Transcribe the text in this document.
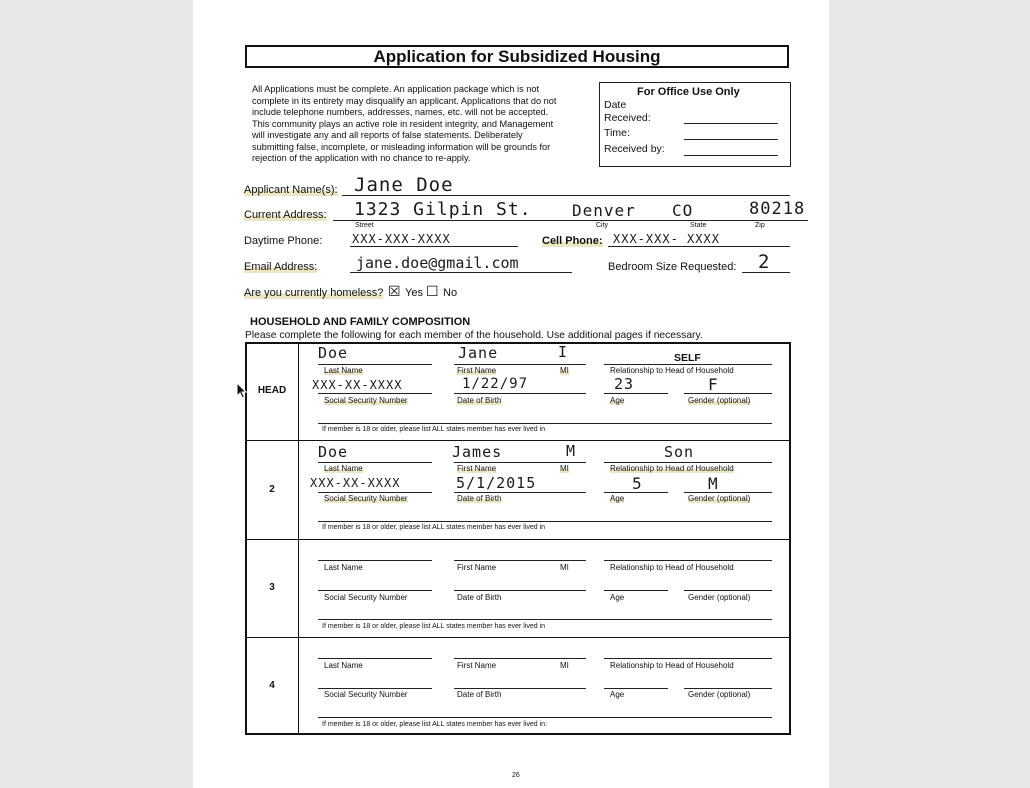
Application for Subsidized Housing
All Applications must be complete. An application package which is not complete in its entirety may disqualify an applicant. Applications that do not include telephone numbers, addresses, names, etc. will not be accepted. This community plays an active role in resident integrity, and Management will investigate any and all reports of false statements. Deliberately submitting false, incomplete, or misleading information will be grounds for rejection of the application with no chance to re-apply.
For Office Use Only
Date
Received:
Time:
Received by:
Applicant Name(s): Jane Doe
Current Address: 1323 Gilpin St.	Denver CO	80218
Street	City	State	Zip
Daytime Phone: XXX-XXX-XXXX	Cell Phone: XXX-XXX- XXXX
Email Address:	jane.doe@gmail.com	Bedroom Size Requested: 2
Are you currently homeless? ☒ Yes ☐ No
HOUSEHOLD AND FAMILY COMPOSITION
Please complete the following for each member of the household. Use additional pages if necessary.
HEAD
Doe	Jane	I	SELF
Last Name	First Name	MI	Relationship to Head of Household
XXX-XX-XXXX	1/22/97	23	F
Social Security Number	Date of Birth	Age	Gender (optional)
If member is 18 or older, please list ALL states member has ever lived in
2
Doe	James	M	Son
Last Name	First Name	MI	Relationship to Head of Household
XXX-XX-XXXX	5/1/2015	5	M
Social Security Number	Date of Birth	Age	Gender (optional)
If member is 18 or older, please list ALL states member has ever lived in
3
Last Name	First Name	MI	Relationship to Head of Household
Social Security Number	Date of Birth	Age	Gender (optional)
If member is 18 or older, please list ALL states member has ever lived in
4
Last Name	First Name	MI	Relationship to Head of Household
Social Security Number	Date of Birth	Age	Gender (optional)
If member is 18 or older, please list ALL states member has ever lived in:
26
